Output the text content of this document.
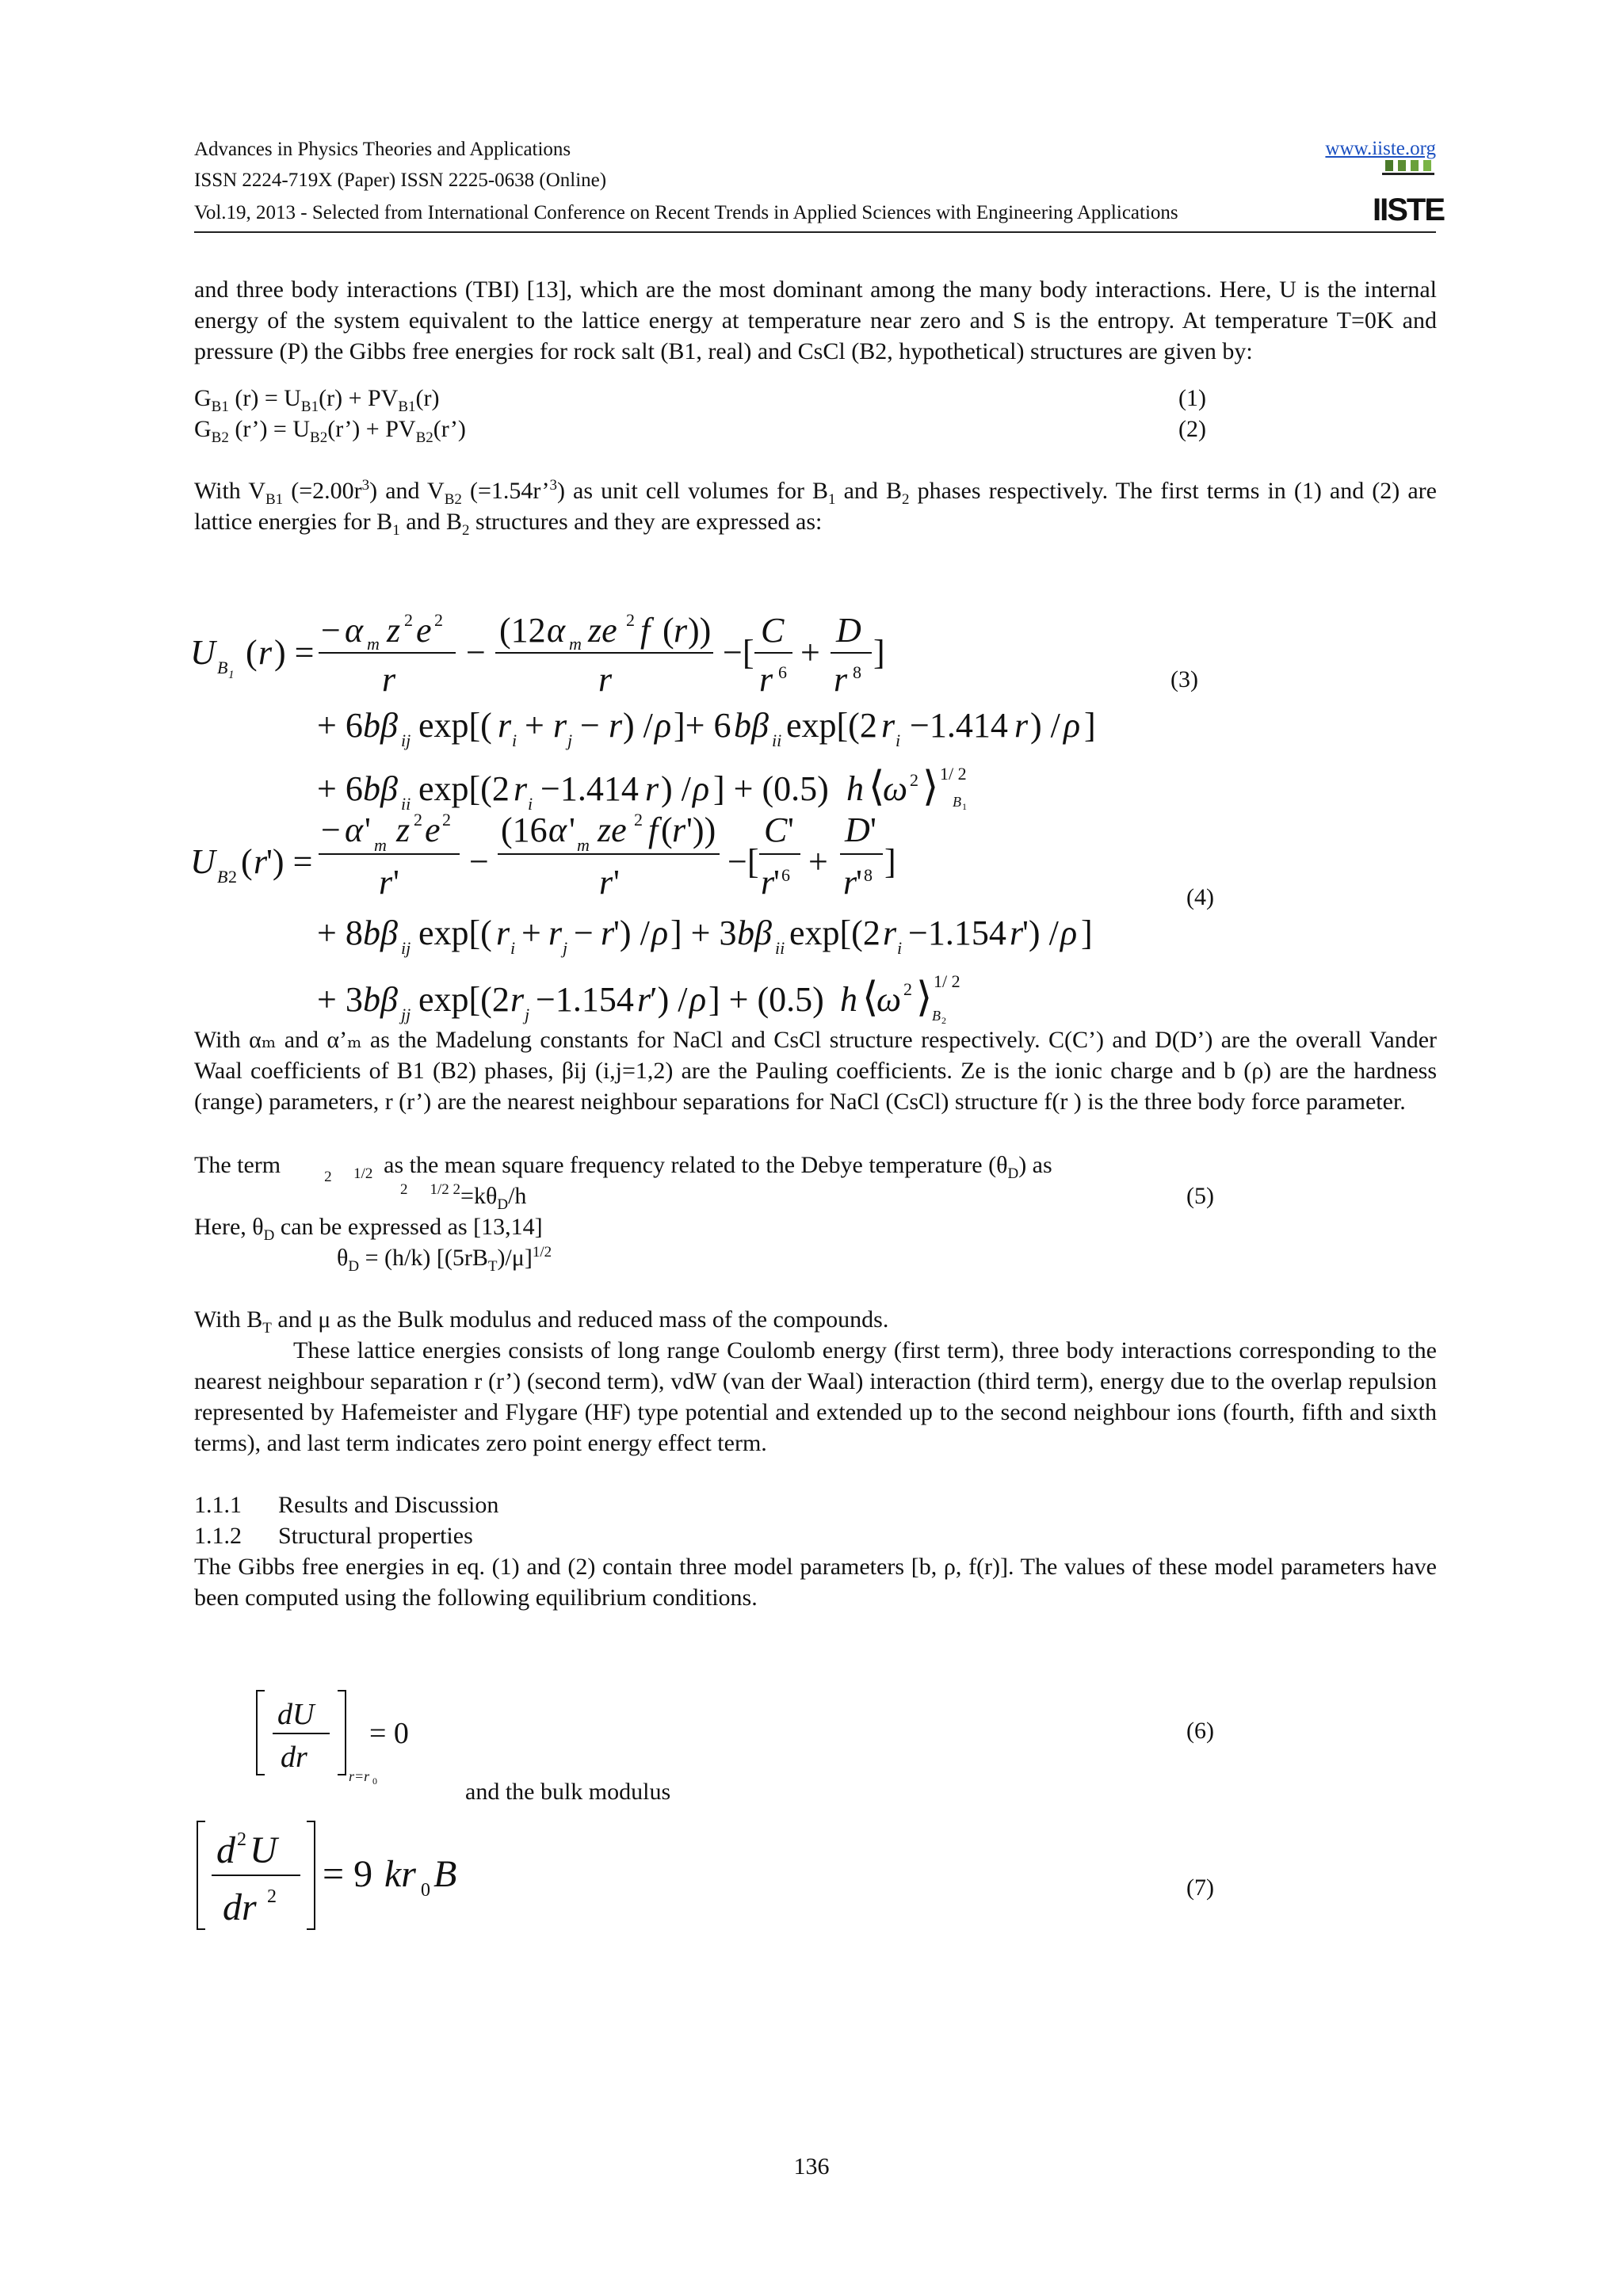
Advances in Physics Theories and Applications
ISSN 2224-719X (Paper) ISSN 2225-0638 (Online)
Vol.19, 2013 - Selected from International Conference on Recent Trends in Applied Sciences with Engineering Applications
www.iiste.org
IISTE
and three body interactions (TBI) [13], which are the most dominant among the many body interactions. Here, U is the internal energy of the system equivalent to the lattice energy at temperature near zero and S is the entropy. At temperature T=0K and pressure (P) the Gibbs free energies for rock salt (B1, real) and CsCl (B2, hypothetical) structures are given by:
$G_{B1}$ $(r) = U_{B1}(r) + PV_{B1}(r)$	(1)
$G_{B2}$ (r’) = $U_{B2}(r’)$ + $PV_{B2}(r’)$	(2)
With $V_{B1}$ $(=2.00r^3)$ and $V_{B2}$ (=1.54r’$^3$) as unit cell volumes for $B_1$ and $B_2$ phases respectively. The first terms in (1) and (2) are lattice energies for $B_1$ and $B_2$ structures and they are expressed as:
U B 1
( r ) =
− α m z 2 e 2
r
−
(12 α m ze 2 f ( r ))
r
−[
C
r 6
+
D
r 8
]
+ 6 bβ ij exp[( r i + r j − r ) / ρ ]+ 6 bβ ii exp[(2 r i −1.414 r ) / ρ ]
+ 6 bβ ii exp[(2 r i −1.414 r ) / ρ ] + (0.5) h ⟨
ω 2 ⟩ 1/ 2
B 1
(3)
U B 2 ( r
') =
− α ' m z 2 e 2
r '
−
(16 α ' m ze 2 f ( r '))
r '
−[
C '
r
' 6 +
D '
r
' 8 ]
+ 8 bβ ij exp[( r i + r j − r
') / ρ ] + 3 bβ ii exp[(2 r i −1.154 r
') / ρ ]
+ 3 bβ jj exp[(2 r j −1.154 r
′) / ρ ] + (0.5) h ⟨
ω 2 ⟩ 1/ 2
B 2
(4)
With αₘ and α’ₘ as the Madelung constants for NaCl and CsCl structure respectively. C(C’) and D(D’) are the overall Vander Waal coefficients of B1 (B2) phases, βij (i,j=1,2) are the Pauling coefficients. Ze is the ionic charge and b (ρ) are the hardness (range) parameters, r (r’) are the nearest neighbour separations for NaCl (CsCl) structure f(r ) is the three body force parameter.
The term	2 1/2 as the mean square frequency related to the Debye temperature $(\theta_D)$ as
$^2$ $^{1/2 2}=k\theta_D/h$	(5)
Here, $\theta_D$ can be expressed as [13,14]
$\theta_D = (h/k)$ $[(5rB_T)/\mu]^{1/2}$
With $B_T$ and μ as the Bulk modulus and reduced mass of the compounds.
These lattice energies consists of long range Coulomb energy (first term), three body interactions corresponding to the nearest neighbour separation r (r’) (second term), vdW (van der Waal) interaction (third term), energy due to the overlap repulsion represented by Hafemeister and Flygare (HF) type potential and extended up to the second neighbour ions (fourth, fifth and sixth terms), and last term indicates zero point energy effect term.
1.1.1 Results and Discussion
1.1.2 Structural properties
The Gibbs free energies in eq. (1) and (2) contain three model parameters [b, ρ, f(r)]. The values of these model parameters have been computed using the following equilibrium conditions.
dU
dr
r=r 0
= 0	(6)
and the bulk modulus
d 2 U
dr 2
= 9 kr 0 B	(7)
136
